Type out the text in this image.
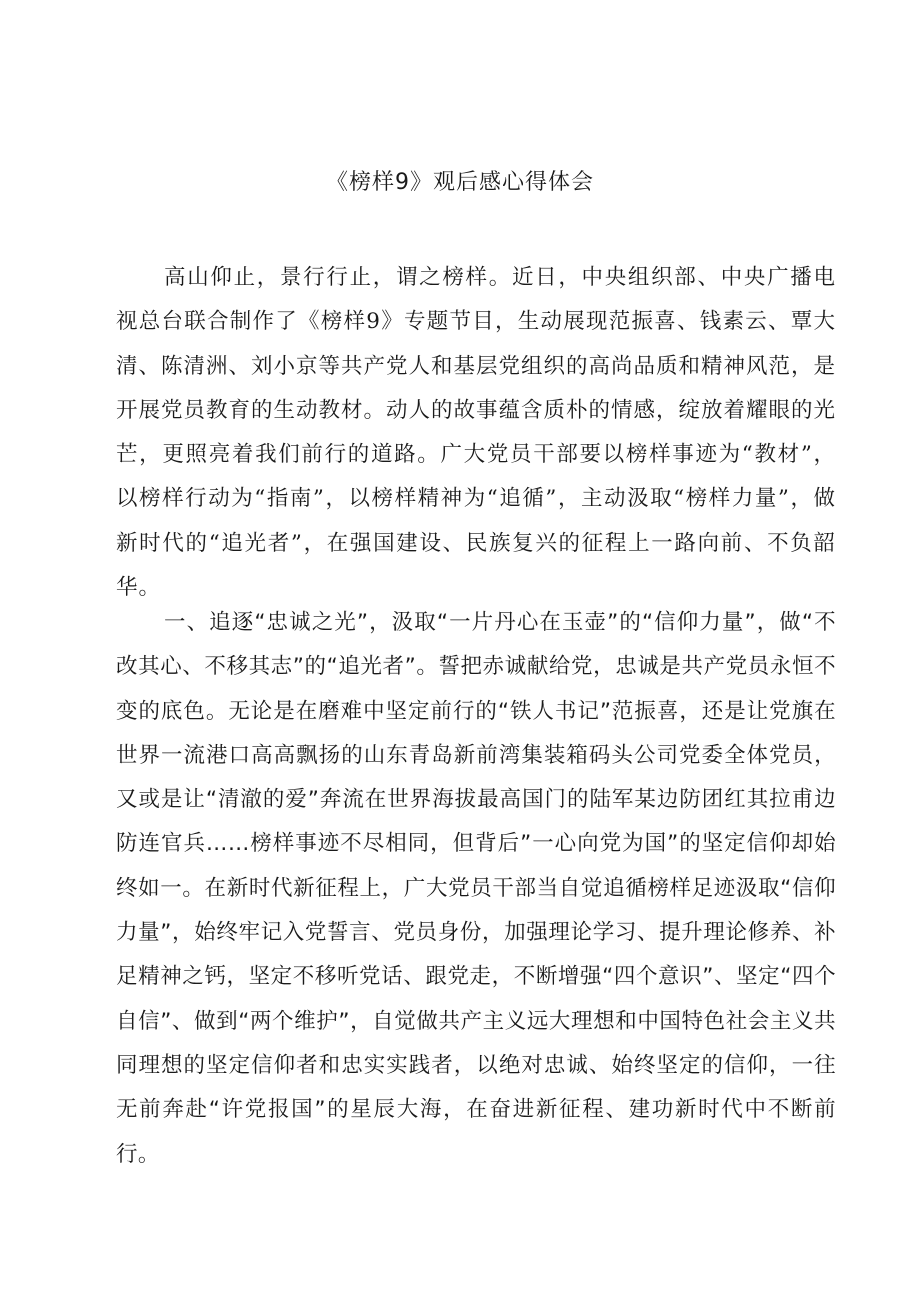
《榜样9》观后感心得体会

高山仰止，景行行止，谓之榜样。近日，中央组织部、中央广播电视总台联合制作了《榜样9》专题节目，生动展现范振喜、钱素云、覃大清、陈清洲、刘小京等共产党人和基层党组织的高尚品质和精神风范，是开展党员教育的生动教材。动人的故事蕴含质朴的情感，绽放着耀眼的光芒，更照亮着我们前行的道路。广大党员干部要以榜样事迹为“教材”，以榜样行动为“指南”，以榜样精神为“追循”，主动汲取“榜样力量”，做新时代的“追光者”，在强国建设、民族复兴的征程上一路向前、不负韶华。

一、追逐“忠诚之光”，汲取“一片丹心在玉壶”的“信仰力量”，做“不改其心、不移其志”的“追光者”。誓把赤诚献给党，忠诚是共产党员永恒不变的底色。无论是在磨难中坚定前行的“铁人书记”范振喜，还是让党旗在世界一流港口高高飘扬的山东青岛新前湾集装箱码头公司党委全体党员，又或是让“清澈的爱”奔流在世界海拔最高国门的陆军某边防团红其拉甫边防连官兵……榜样事迹不尽相同，但背后”一心向党为国”的坚定信仰却始终如一。在新时代新征程上，广大党员干部当自觉追循榜样足迹汲取“信仰力量”，始终牢记入党誓言、党员身份，加强理论学习、提升理论修养、补足精神之钙，坚定不移听党话、跟党走，不断增强“四个意识”、坚定“四个自信”、做到“两个维护”，自觉做共产主义远大理想和中国特色社会主义共同理想的坚定信仰者和忠实实践者，以绝对忠诚、始终坚定的信仰，一往无前奔赴“许党报国”的星辰大海，在奋进新征程、建功新时代中不断前行。
